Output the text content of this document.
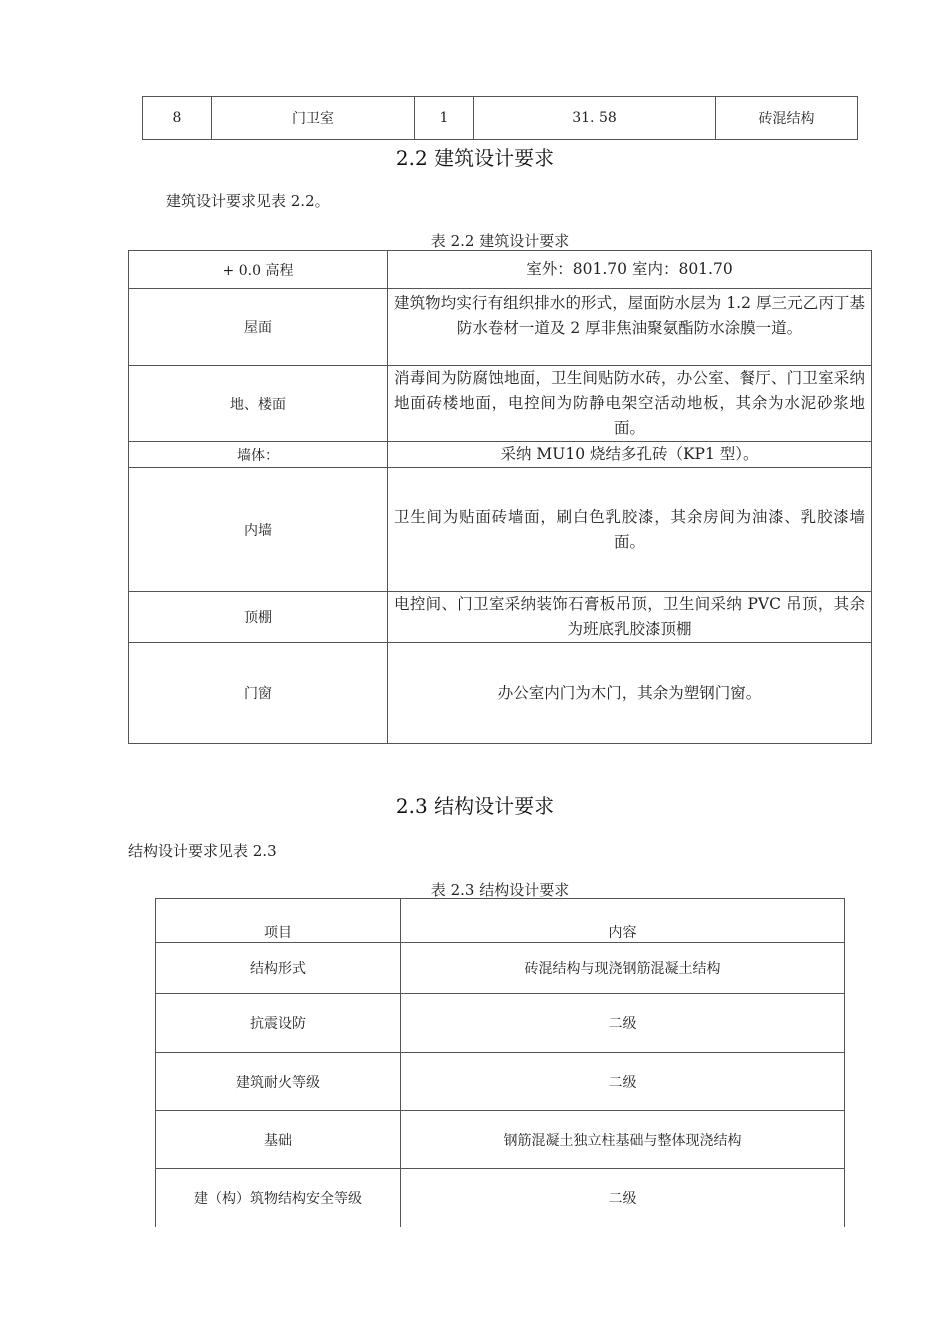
8	门卫室	1	31. 58	砖混结构
2.2 建筑设计要求
建筑设计要求见表 2.2。
表 2.2 建筑设计要求
+ 0.0 高程	室外：801.70 室内：801.70
屋面	建筑物均实行有组织排水的形式，屋面防水层为 1.2 厚三元乙丙丁基防水卷材一道及 2 厚非焦油聚氨酯防水涂膜一道。
地、楼面	消毒间为防腐蚀地面，卫生间贴防水砖，办公室、餐厅、门卫室采纳地面砖楼地面，电控间为防静电架空活动地板，其余为水泥砂浆地面。
墙体：	采纳 MU10 烧结多孔砖（KP1 型）。
内墙	卫生间为贴面砖墙面，刷白色乳胶漆，其余房间为油漆、乳胶漆墙面。
顶棚	电控间、门卫室采纳装饰石膏板吊顶，卫生间采纳 PVC 吊顶，其余为班底乳胶漆顶棚
门窗	办公室内门为木门，其余为塑钢门窗。
2.3 结构设计要求
结构设计要求见表 2.3
表 2.3 结构设计要求
项目	内容
结构形式	砖混结构与现浇钢筋混凝土结构
抗震设防	二级
建筑耐火等级	二级
基础	钢筋混凝土独立柱基础与整体现浇结构
建（构）筑物结构安全等级	二级
